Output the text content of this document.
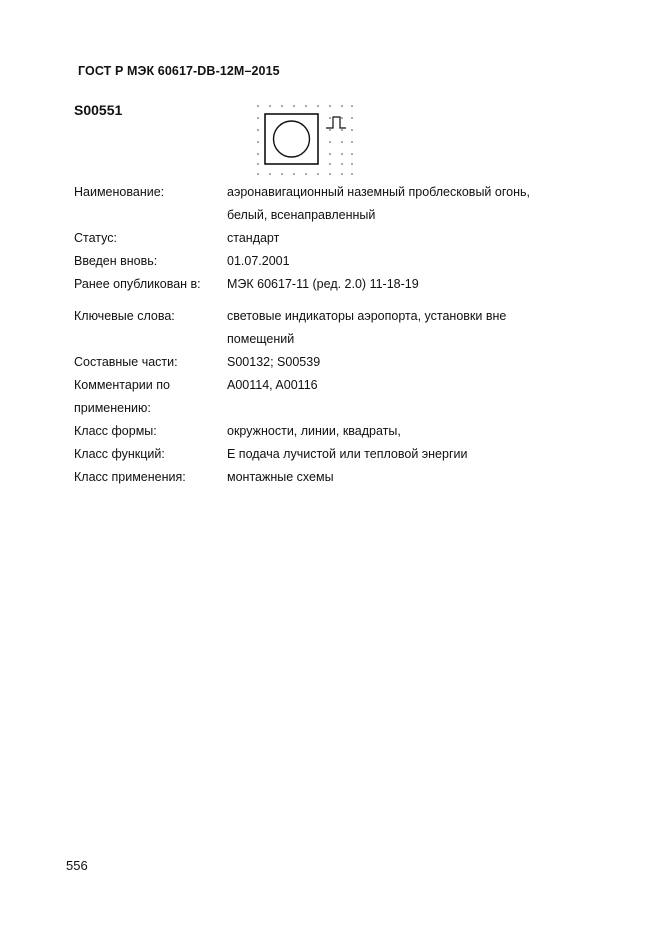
ГОСТ Р МЭК 60617-DB-12M–2015
S00551
Наименование:	аэронавигационный наземный проблесковый огонь,
белый, всенаправленный
Статус:	стандарт
Введен вновь:	01.07.2001
Ранее опубликован в:	МЭК 60617-11 (ред. 2.0) 11-18-19
Ключевые слова:	световые индикаторы аэропорта, установки вне
помещений
Составные части:	S00132; S00539
Комментарии по	A00114, A00116
применению:
Класс формы:	окружности, линии, квадраты,
Класс функций:	E подача лучистой или тепловой энергии
Класс применения:	монтажные схемы
556
